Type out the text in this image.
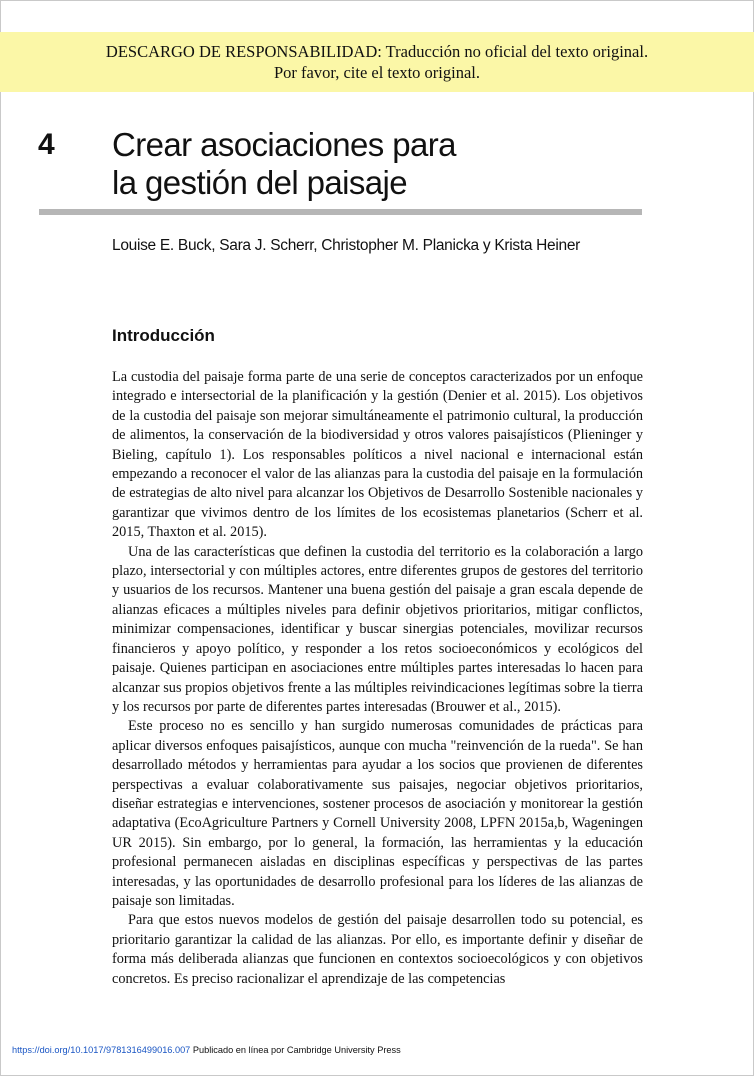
DESCARGO DE RESPONSABILIDAD: Traducción no oficial del texto original.
Por favor, cite el texto original.
4 Crear asociaciones para
la gestión del paisaje
Louise E. Buck, Sara J. Scherr, Christopher M. Planicka y Krista Heiner
Introducción

La custodia del paisaje forma parte de una serie de conceptos caracterizados por un enfoque integrado e intersectorial de la planificación y la gestión (Denier et al. 2015). Los objetivos de la custodia del paisaje son mejorar simultáneamente el patrimonio cultural, la producción de alimentos, la conservación de la biodiversidad y otros valores paisajísticos (Plieninger y Bieling, capítulo 1). Los responsables políticos a nivel nacional e internacional están empezando a reconocer el valor de las alianzas para la custodia del paisaje en la formulación de estrategias de alto nivel para alcanzar los Objetivos de Desarrollo Sostenible nacionales y garantizar que vivimos dentro de los límites de los ecosistemas planetarios (Scherr et al. 2015, Thaxton et al. 2015).

Una de las características que definen la custodia del territorio es la colaboración a largo plazo, intersectorial y con múltiples actores, entre diferentes grupos de gestores del territorio y usuarios de los recursos. Mantener una buena gestión del paisaje a gran escala depende de alianzas eficaces a múltiples niveles para definir objetivos prioritarios, mitigar conflictos, minimizar compensaciones, identificar y buscar sinergias potenciales, movilizar recursos financieros y apoyo político, y responder a los retos socioeconómicos y ecológicos del paisaje. Quienes participan en asociaciones entre múltiples partes interesadas lo hacen para alcanzar sus propios objetivos frente a las múltiples reivindicaciones legítimas sobre la tierra y los recursos por parte de diferentes partes interesadas (Brouwer et al., 2015).

Este proceso no es sencillo y han surgido numerosas comunidades de prácticas para aplicar diversos enfoques paisajísticos, aunque con mucha "reinvención de la rueda". Se han desarrollado métodos y herramientas para ayudar a los socios que provienen de diferentes perspectivas a evaluar colaborativamente sus paisajes, negociar objetivos prioritarios, diseñar estrategias e intervenciones, sostener procesos de asociación y monitorear la gestión adaptativa (EcoAgriculture Partners y Cornell University 2008, LPFN 2015a,b, Wageningen UR 2015). Sin embargo, por lo general, la formación, las herramientas y la educación profesional permanecen aisladas en disciplinas específicas y perspectivas de las partes interesadas, y las oportunidades de desarrollo profesional para los líderes de las alianzas de paisaje son limitadas.

Para que estos nuevos modelos de gestión del paisaje desarrollen todo su potencial, es prioritario garantizar la calidad de las alianzas. Por ello, es importante definir y diseñar de forma más deliberada alianzas que funcionen en contextos socioecológicos y con objetivos concretos. Es preciso racionalizar el aprendizaje de las competencias

https://doi.org/10.1017/9781316499016.007 Publicado en línea por Cambridge University Press
